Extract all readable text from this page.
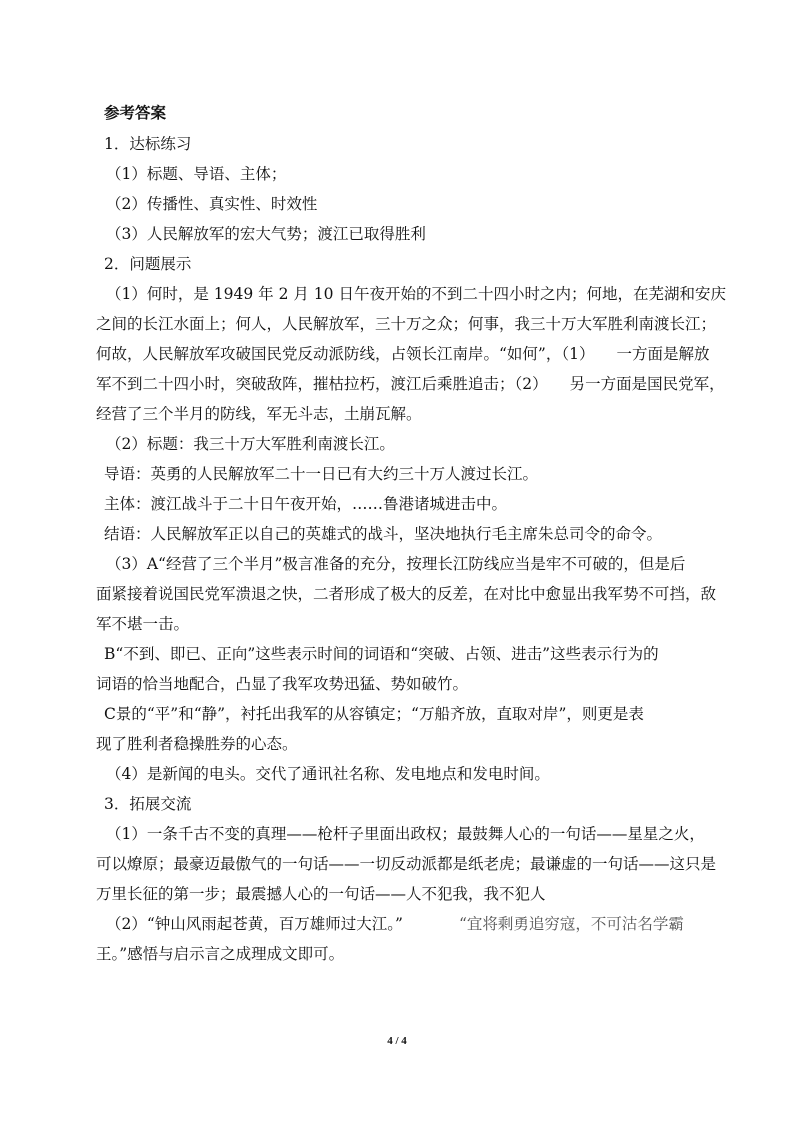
参考答案
1．达标练习
（1）标题、导语、主体；
（2）传播性、真实性、时效性
（3）人民解放军的宏大气势；渡江已取得胜利
2．问题展示
（1）何时，是 1949 年 2 月 10 日午夜开始的不到二十四小时之内；何地，在芜湖和安庆
之间的长江水面上；何人，人民解放军，三十万之众；何事，我三十万大军胜利南渡长江；
何故，人民解放军攻破国民党反动派防线，占领长江南岸。“如何”，（1） 一方面是解放
军不到二十四小时，突破敌阵，摧枯拉朽，渡江后乘胜追击；（2） 另一方面是国民党军，
经营了三个半月的防线，军无斗志，土崩瓦解。
（2）标题：我三十万大军胜利南渡长江。
导语：英勇的人民解放军二十一日已有大约三十万人渡过长江。
主体：渡江战斗于二十日午夜开始，……鲁港诸城进击中。
结语：人民解放军正以自己的英雄式的战斗，坚决地执行毛主席朱总司令的命令。
（3）A“经营了三个半月”极言准备的充分，按理长江防线应当是牢不可破的，但是后
面紧接着说国民党军溃退之快，二者形成了极大的反差，在对比中愈显出我军势不可挡，敌
军不堪一击。
B“不到、即已、正向”这些表示时间的词语和“突破、占领、进击”这些表示行为的
词语的恰当地配合，凸显了我军攻势迅猛、势如破竹。
C景的“平”和“静”，衬托出我军的从容镇定；“万船齐放，直取对岸”，则更是表
现了胜利者稳操胜券的心态。
（4）是新闻的电头。交代了通讯社名称、发电地点和发电时间。
3．拓展交流
（1）一条千古不变的真理——枪杆子里面出政权；最鼓舞人心的一句话——星星之火，
可以燎原；最豪迈最傲气的一句话——一切反动派都是纸老虎；最谦虚的一句话——这只是
万里长征的第一步；最震撼人心的一句话——人不犯我，我不犯人
（2）“钟山风雨起苍黄，百万雄师过大江。”	“宜将剩勇追穷寇，不可沽名学霸
王。”感悟与启示言之成理成文即可。
4 / 4
